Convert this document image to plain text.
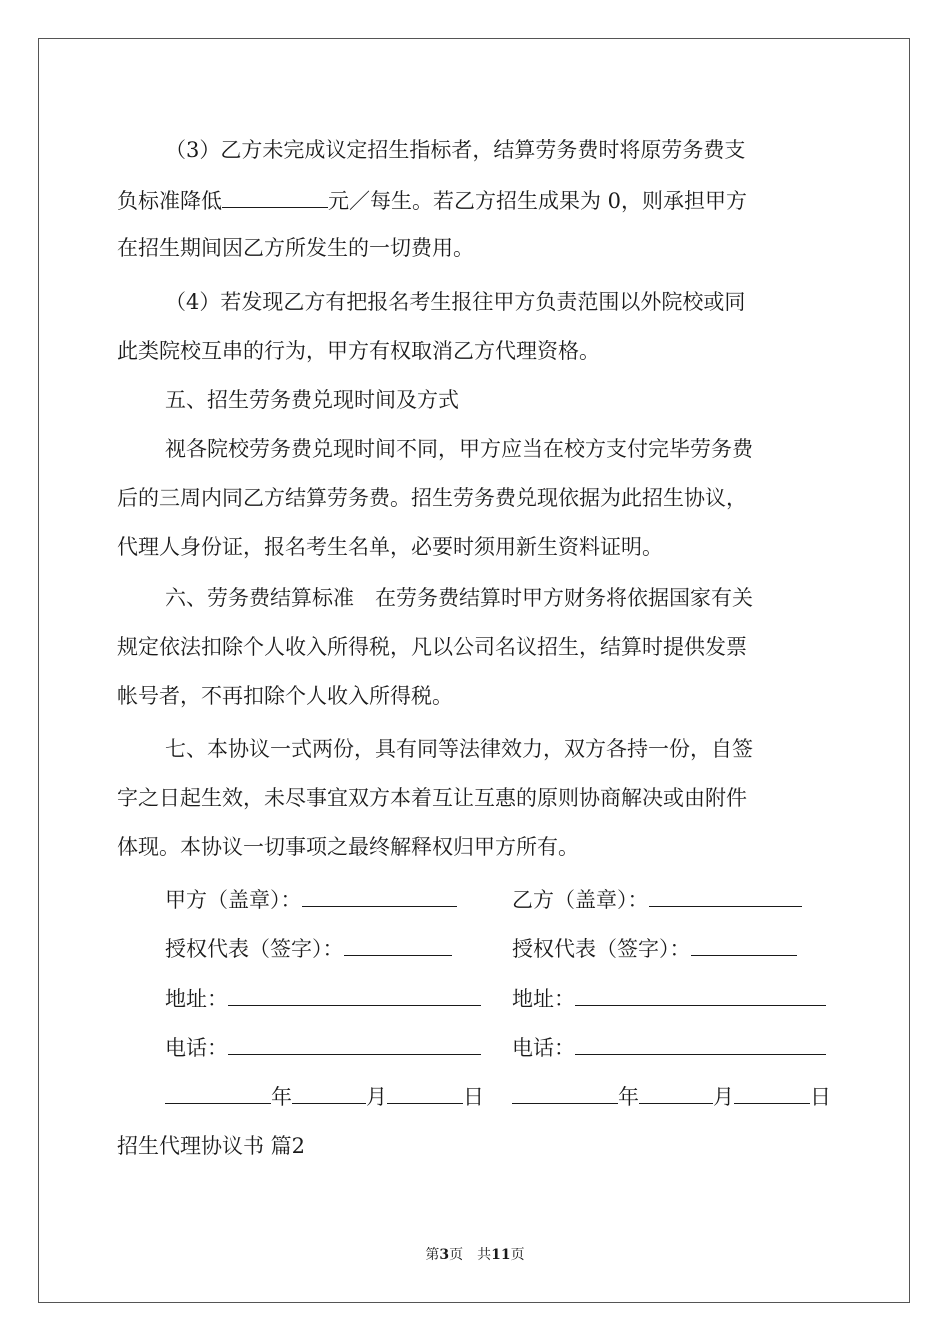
（3）乙方未完成议定招生指标者，结算劳务费时将原劳务费支
负标准降低	元／每生。若乙方招生成果为 0，则承担甲方
在招生期间因乙方所发生的一切费用。
（4）若发现乙方有把报名考生报往甲方负责范围以外院校或同
此类院校互串的行为，甲方有权取消乙方代理资格。
五、招生劳务费兑现时间及方式
视各院校劳务费兑现时间不同，甲方应当在校方支付完毕劳务费
后的三周内同乙方结算劳务费。招生劳务费兑现依据为此招生协议，
代理人身份证，报名考生名单，必要时须用新生资料证明。
六、劳务费结算标准　在劳务费结算时甲方财务将依据国家有关
规定依法扣除个人收入所得税，凡以公司名议招生，结算时提供发票
帐号者，不再扣除个人收入所得税。
七、本协议一式两份，具有同等法律效力，双方各持一份，自签
字之日起生效，未尽事宜双方本着互让互惠的原则协商解决或由附件
体现。本协议一切事项之最终解释权归甲方所有。
甲方（盖章）：	乙方（盖章）：
授权代表（签字）：	授权代表（签字）：
地址：	地址：
电话：	电话：
年	月	日	年	月	日
招生代理协议书 篇2
第3页　共11页
